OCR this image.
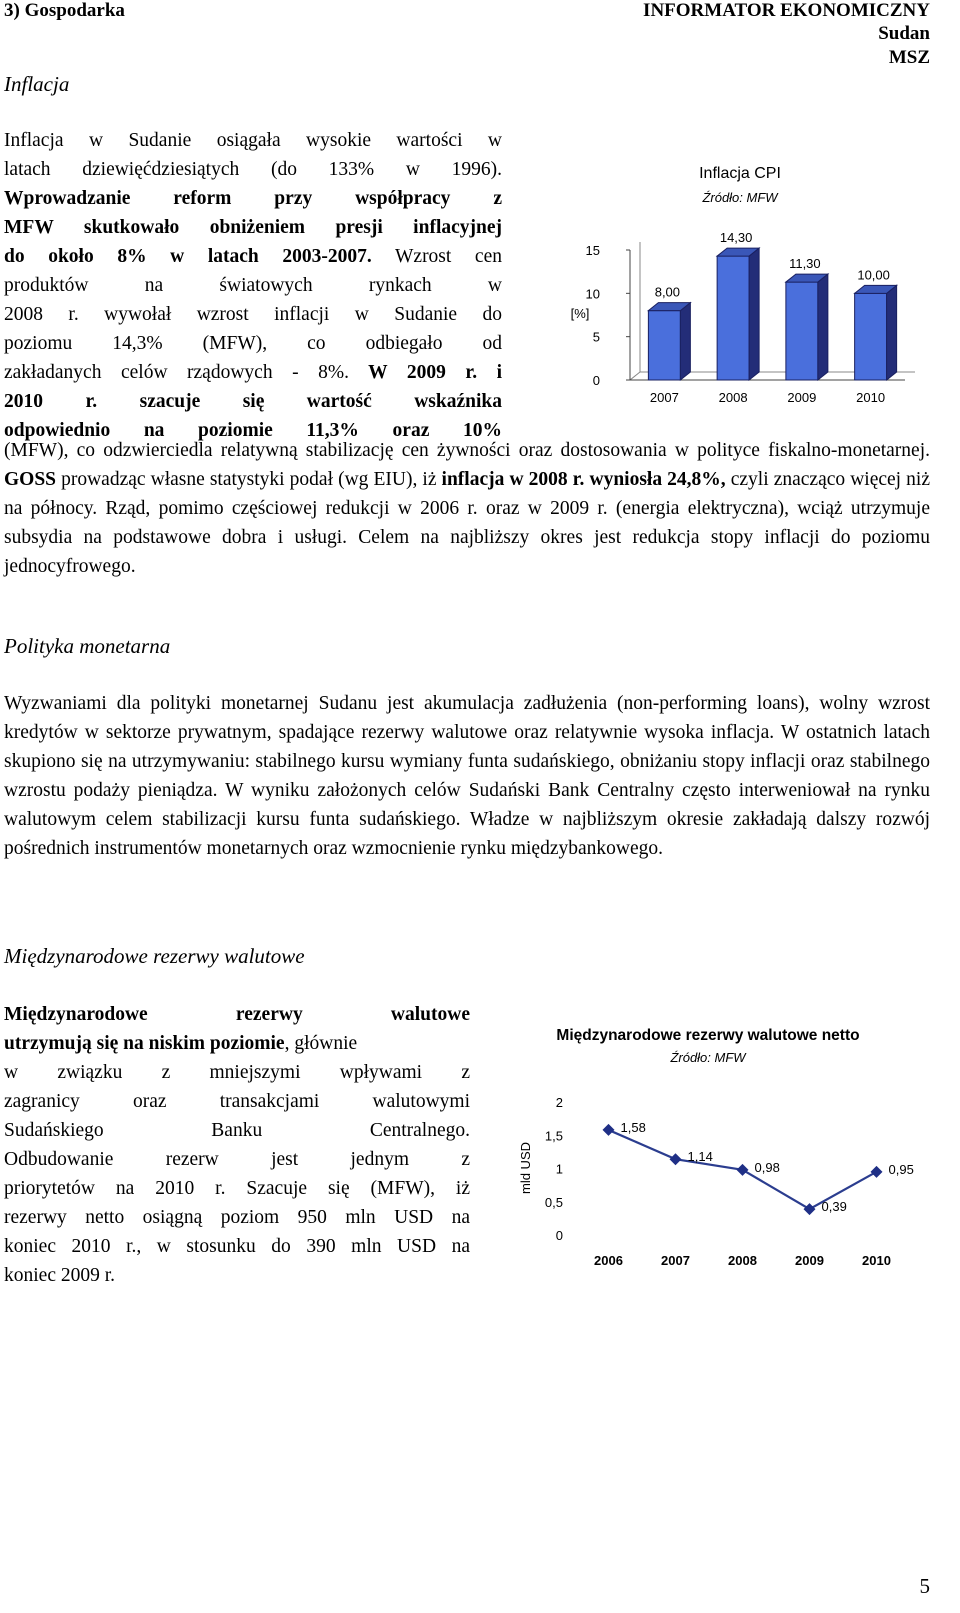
3) Gospodarka	INFORMATOR EKONOMICZNY
Sudan
MSZ
Inflacja
Inflacja w Sudanie osiągała wysokie wartości w
latach dziewięćdziesiątych (do 133% w 1996).
Wprowadzanie reform przy współpracy z
MFW skutkowało obniżeniem presji inflacyjnej
do około 8% w latach 2003-2007. Wzrost cen
produktów na światowych rynkach w
2008 r. wywołał wzrost inflacji w Sudanie do
poziomu 14,3% (MFW), co odbiegało od
zakładanych celów rządowych - 8%. W 2009 r. i
2010 r. szacuje się wartość wskaźnika
odpowiednio na poziomie 11,3% oraz 10%
(MFW), co odzwierciedla relatywną stabilizację cen żywności oraz dostosowania w polityce fiskalno-monetarnej. GOSS prowadząc własne statystyki podał (wg EIU), iż inflacja w 2008 r. wyniosła 24,8%, czyli znacząco więcej niż na północy. Rząd, pomimo częściowej redukcji w 2006 r. oraz w 2009 r. (energia elektryczna), wciąż utrzymuje subsydia na podstawowe dobra i usługi. Celem na najbliższy okres jest redukcja stopy inflacji do poziomu jednocyfrowego.
Inflacja CPI
Źródło: MFW
[%]
0
5
10
15
8,00
2007
14,30
2008
11,30
2009
10,00
2010
Polityka monetarna
Wyzwaniami dla polityki monetarnej Sudanu jest akumulacja zadłużenia (non-performing loans), wolny wzrost kredytów w sektorze prywatnym, spadające rezerwy walutowe oraz relatywnie wysoka inflacja. W ostatnich latach skupiono się na utrzymywaniu: stabilnego kursu wymiany funta sudańskiego, obniżaniu stopy inflacji oraz stabilnego wzrostu podaży pieniądza. W wyniku założonych celów Sudański Bank Centralny często interweniował na rynku walutowym celem stabilizacji kursu funta sudańskiego. Władze w najbliższym okresie zakładają dalszy rozwój pośrednich instrumentów monetarnych oraz wzmocnienie rynku międzybankowego.
Międzynarodowe rezerwy walutowe
Międzynarodowe rezerwy walutowe
utrzymują się na niskim poziomie, głównie
w związku z mniejszymi wpływami z
zagranicy oraz transakcjami walutowymi
Sudańskiego Banku Centralnego.
Odbudowanie rezerw jest jednym z
priorytetów na 2010 r. Szacuje się (MFW), iż
rezerwy netto osiągną poziom 950 mln USD na
koniec 2010 r., w stosunku do 390 mln USD na
koniec 2009 r.
Międzynarodowe rezerwy walutowe netto
Źródło: MFW
mld USD
0
0,5
1
1,5
2
1,58
2006
1,14
2007
0,98
2008
0,39
2009
0,95
2010
5
